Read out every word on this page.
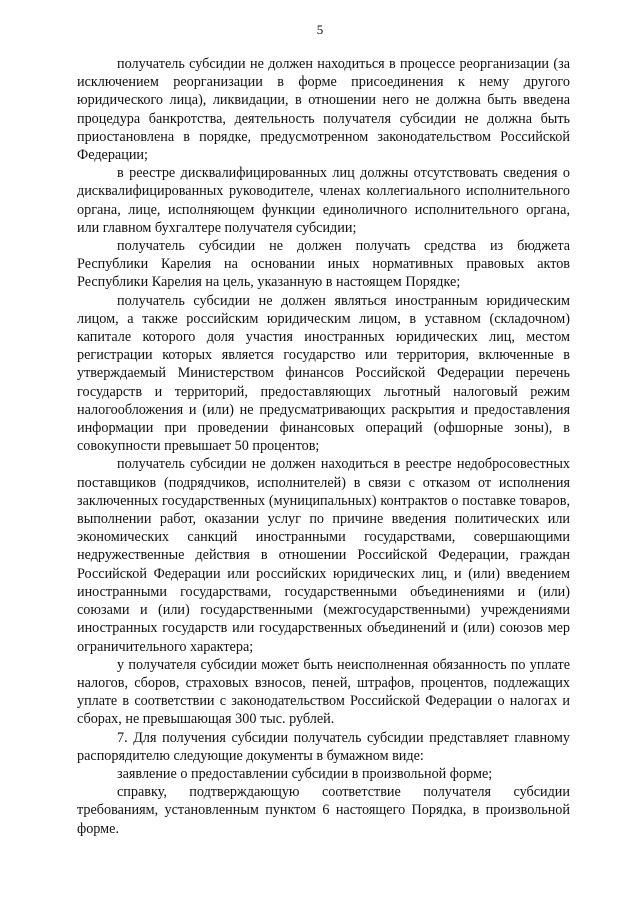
5

получатель субсидии не должен находиться в процессе реорганизации (за исключением реорганизации в форме присоединения к нему другого юридического лица), ликвидации, в отношении него не должна быть введена процедура банкротства, деятельность получателя субсидии не должна быть приостановлена в порядке, предусмотренном законодательством Российской Федерации;

в реестре дисквалифицированных лиц должны отсутствовать сведения о дисквалифицированных руководителе, членах коллегиального исполнительного органа, лице, исполняющем функции единоличного исполнительного органа, или главном бухгалтере получателя субсидии;

получатель субсидии не должен получать средства из бюджета Республики Карелия на основании иных нормативных правовых актов Республики Карелия на цель, указанную в настоящем Порядке;

получатель субсидии не должен являться иностранным юридическим лицом, а также российским юридическим лицом, в уставном (складочном) капитале которого доля участия иностранных юридических лиц, местом регистрации которых является государство или территория, включенные в утверждаемый Министерством финансов Российской Федерации перечень государств и территорий, предоставляющих льготный налоговый режим налогообложения и (или) не предусматривающих раскрытия и предоставления информации при проведении финансовых операций (офшорные зоны), в совокупности превышает 50 процентов;

получатель субсидии не должен находиться в реестре недобросовестных поставщиков (подрядчиков, исполнителей) в связи с отказом от исполнения заключенных государственных (муниципальных) контрактов о поставке товаров, выполнении работ, оказании услуг по причине введения политических или экономических санкций иностранными государствами, совершающими недружественные действия в отношении Российской Федерации, граждан Российской Федерации или российских юридических лиц, и (или) введением иностранными государствами, государственными объединениями и (или) союзами и (или) государственными (межгосударственными) учреждениями иностранных государств или государственных объединений и (или) союзов мер ограничительного характера;

у получателя субсидии может быть неисполненная обязанность по уплате налогов, сборов, страховых взносов, пеней, штрафов, процентов, подлежащих уплате в соответствии с законодательством Российской Федерации о налогах и сборах, не превышающая 300 тыс. рублей.

7. Для получения субсидии получатель субсидии представляет главному распорядителю следующие документы в бумажном виде:

заявление о предоставлении субсидии в произвольной форме;

справку, подтверждающую соответствие получателя субсидии требованиям, установленным пунктом 6 настоящего Порядка, в произвольной форме.
